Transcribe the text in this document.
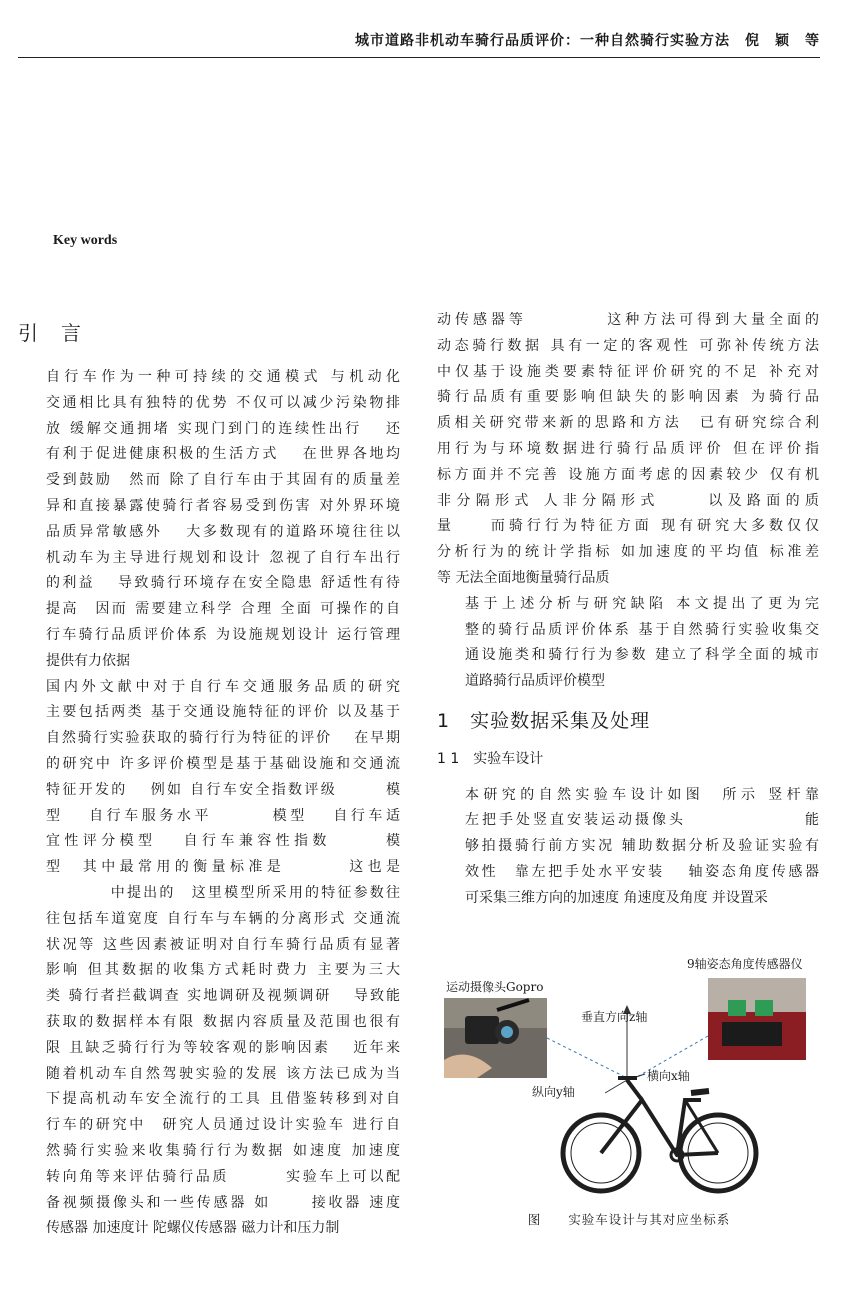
城市道路非机动车骑行品质评价：一种自然骑行实验方法　倪　颖　等
Key words
引 言
自行车作为一种可持续的交通模式 与机动化
交通相比具有独特的优势 不仅可以减少污染物排
放 缓解交通拥堵 实现门到门的连续性出行　 还
有利于促进健康积极的生活方式　 在世界各地均
受到鼓励　然而 除了自行车由于其固有的质量差
异和直接暴露使骑行者容易受到伤害 对外界环境
品质异常敏感外　 大多数现有的道路环境往往以
机动车为主导进行规划和设计 忽视了自行车出行
的利益　 导致骑行环境存在安全隐患 舒适性有待
提高　因而 需要建立科学 合理 全面 可操作的自
行车骑行品质评价体系 为设施规划设计 运行管理
提供有力依据
国内外文献中对于自行车交通服务品质的研究
主要包括两类 基于交通设施特征的评价 以及基于
自然骑行实验获取的骑行行为特征的评价　 在早期
的研究中 许多评价模型是基于基础设施和交通流
特征开发的　 例如 自行车安全指数评级　　　模
型　 自行车服务水平　　　 模型　 自行车适
宜性评分模型　 自行车兼容性指数　　　模
型　其中最常用的衡量标准是　　　 这也是
　　　　中提出的　这里模型所采用的特征参数往
往包括车道宽度 自行车与车辆的分离形式 交通流
状况等 这些因素被证明对自行车骑行品质有显著
影响 但其数据的收集方式耗时费力 主要为三大
类 骑行者拦截调查 实地调研及视频调研　 导致能
获取的数据样本有限 数据内容质量及范围也很有
限 且缺乏骑行行为等较客观的影响因素　 近年来
随着机动车自然驾驶实验的发展 该方法已成为当
下提高机动车安全流行的工具 且借鉴转移到对自
行车的研究中　研究人员通过设计实验车 进行自
然骑行实验来收集骑行行为数据 如速度 加速度
转向角等来评估骑行品质　　　 实验车上可以配
备视频摄像头和一些传感器 如　　 接收器 速度
传感器 加速度计 陀螺仪传感器 磁力计和压力制
动传感器等　　　　 这种方法可得到大量全面的
动态骑行数据 具有一定的客观性 可弥补传统方法
中仅基于设施类要素特征评价研究的不足 补充对
骑行品质有重要影响但缺失的影响因素 为骑行品
质相关研究带来新的思路和方法　已有研究综合利
用行为与环境数据进行骑行品质评价 但在评价指
标方面并不完善 设施方面考虑的因素较少 仅有机
非分隔形式 人非分隔形式　　 以及路面的质
量　　而骑行行为特征方面 现有研究大多数仅仅
分析行为的统计学指标 如加速度的平均值 标准差
等 无法全面地衡量骑行品质
基于上述分析与研究缺陷 本文提出了更为完
整的骑行品质评价体系 基于自然骑行实验收集交
通设施类和骑行行为参数 建立了科学全面的城市
道路骑行品质评价模型
1　实验数据采集及处理
1 1　实验车设计
本研究的自然实验车设计如图　所示 竖杆靠
左把手处竖直安装运动摄像头　　　　　　　能
够拍摄骑行前方实况 辅助数据分析及验证实验有
效性　靠左把手处水平安装　 轴姿态角度传感器
可采集三维方向的加速度 角速度及角度 并设置采
运动摄像头Gopro
9轴姿态角度传感器仪
垂直方向z轴
横向x轴
纵向y轴
图　　实验车设计与其对应坐标系
